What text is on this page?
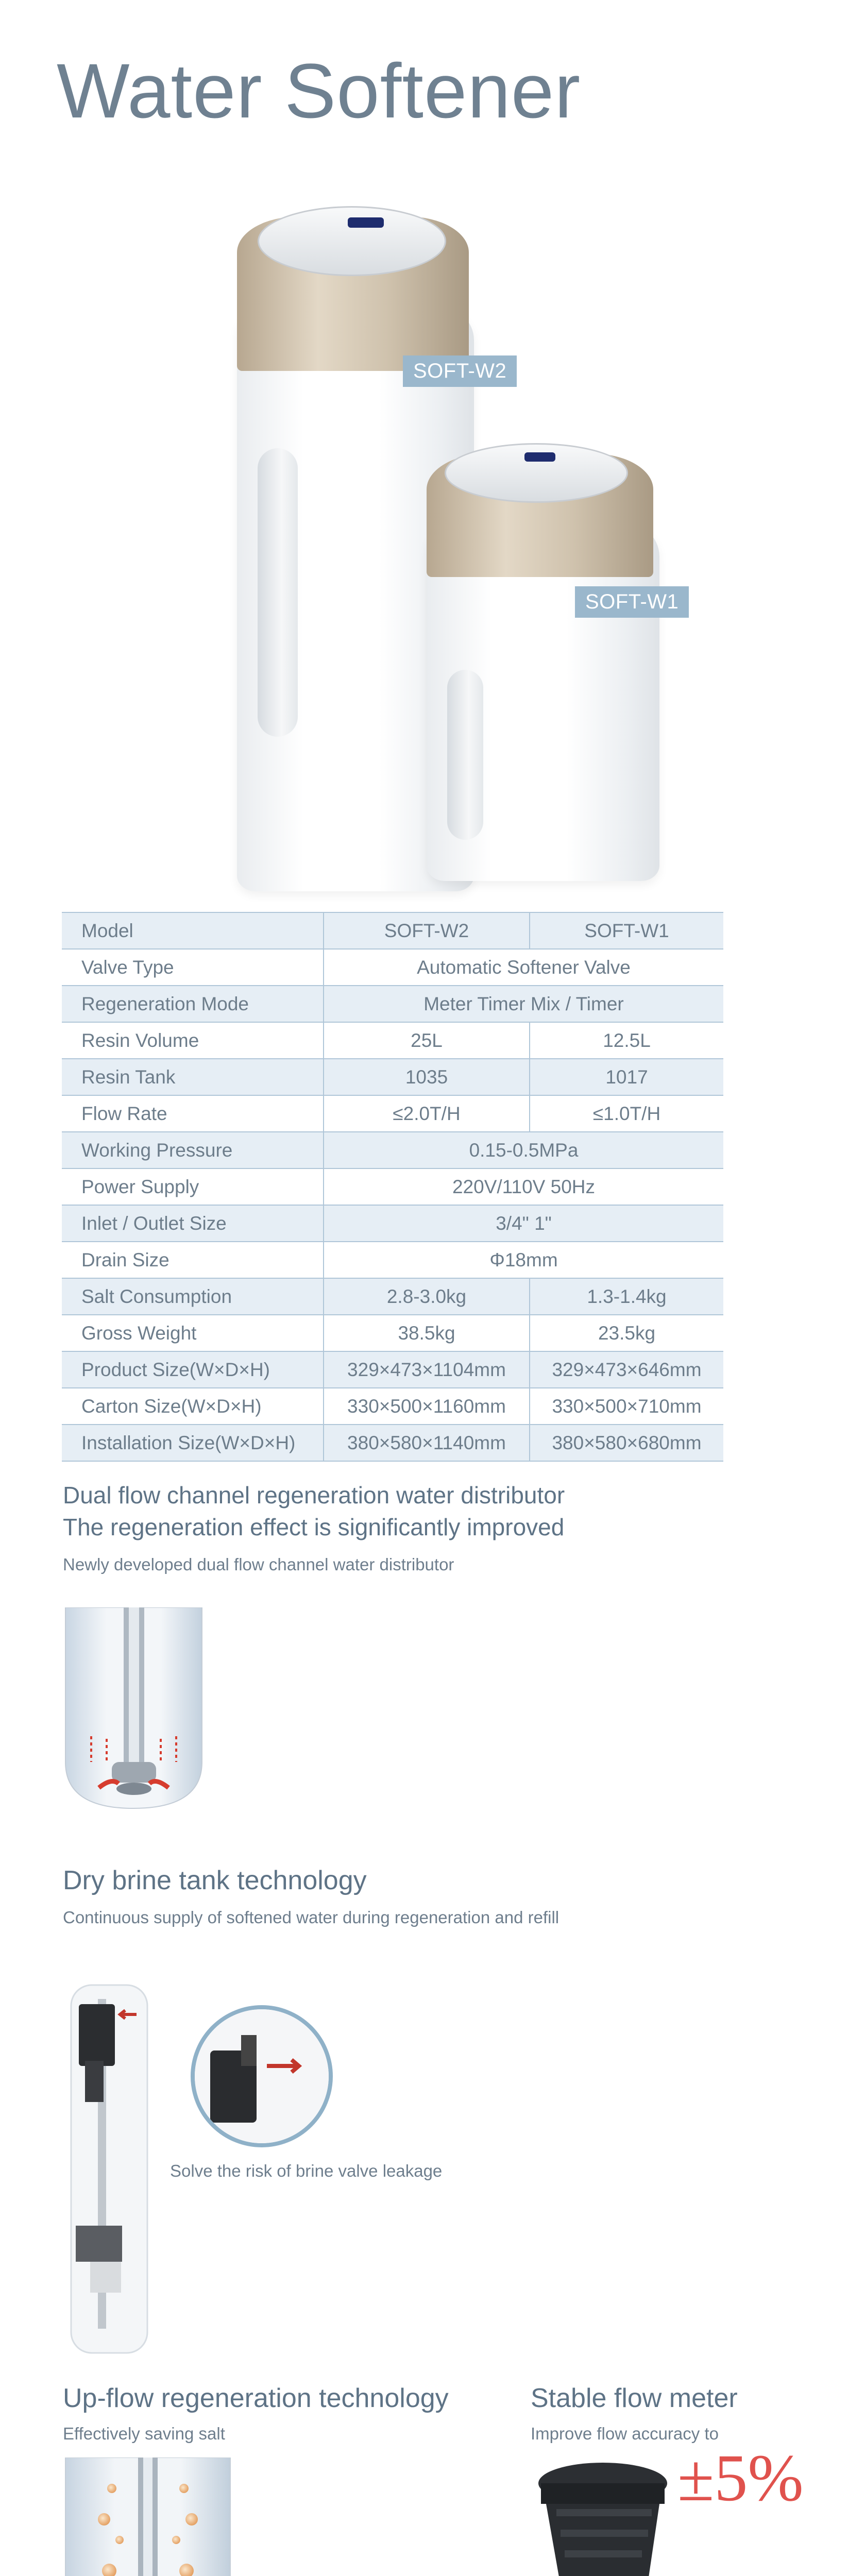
Water Softener
SOFT-W2
SOFT-W1
Model	SOFT-W2	SOFT-W1
Valve Type	Automatic Softener Valve	
Regeneration Mode	Meter Timer Mix / Timer	
Resin Volume	25L	12.5L
Resin Tank	1035	1017
Flow Rate	≤2.0T/H	≤1.0T/H
Working Pressure	0.15-0.5MPa	
Power Supply	220V/110V 50Hz	
Inlet / Outlet Size	3/4" 1"	
Drain Size	Φ18mm	
Salt Consumption	2.8-3.0kg	1.3-1.4kg
Gross Weight	38.5kg	23.5kg
Product Size(W×D×H)	329×473×1104mm	329×473×646mm
Carton Size(W×D×H)	330×500×1160mm	330×500×710mm
Installation Size(W×D×H)	380×580×1140mm	380×580×680mm
Dual flow channel regeneration water distributor
The regeneration effect is significantly improved
Newly developed dual flow channel water distributor
Dry brine tank technology
Continuous supply of softened water during regeneration and refill
Solve the risk of brine valve leakage
Up-flow regeneration technology
Effectively saving salt
Stable flow meter
Improve flow accuracy to
±5%
